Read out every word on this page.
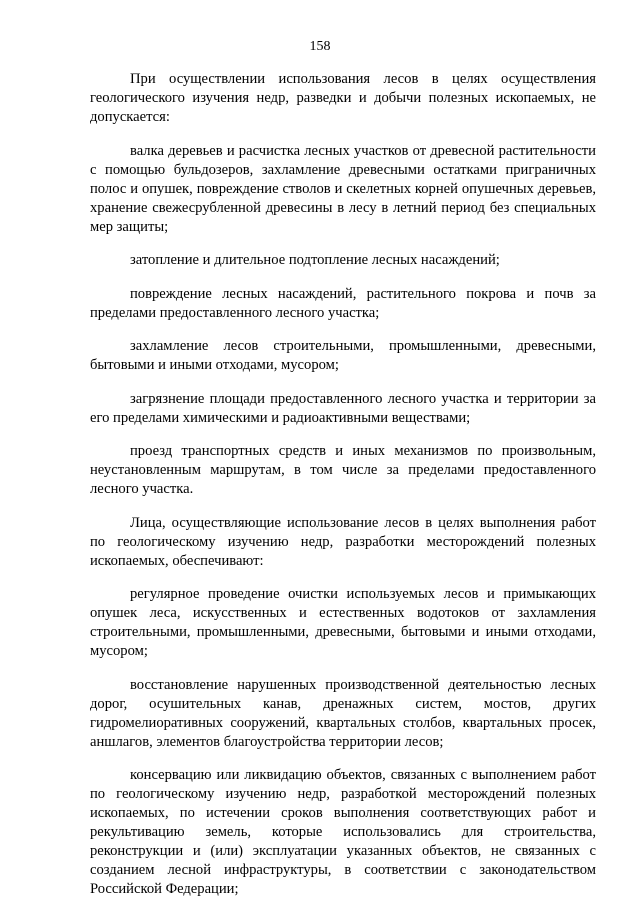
158

При осуществлении использования лесов в целях осуществления геологического изучения недр, разведки и добычи полезных ископаемых, не допускается:

валка деревьев и расчистка лесных участков от древесной растительности с помощью бульдозеров, захламление древесными остатками приграничных полос и опушек, повреждение стволов и скелетных корней опушечных деревьев, хранение свежесрубленной древесины в лесу в летний период без специальных мер защиты;

затопление и длительное подтопление лесных насаждений;

повреждение лесных насаждений, растительного покрова и почв за пределами предоставленного лесного участка;

захламление лесов строительными, промышленными, древесными, бытовыми и иными отходами, мусором;

загрязнение площади предоставленного лесного участка и территории за его пределами химическими и радиоактивными веществами;

проезд транспортных средств и иных механизмов по произвольным, неустановленным маршрутам, в том числе за пределами предоставленного лесного участка.

Лица, осуществляющие использование лесов в целях выполнения работ по геологическому изучению недр, разработки месторождений полезных ископаемых, обеспечивают:

регулярное проведение очистки используемых лесов и примыкающих опушек леса, искусственных и естественных водотоков от захламления строительными, промышленными, древесными, бытовыми и иными отходами, мусором;

восстановление нарушенных производственной деятельностью лесных дорог, осушительных канав, дренажных систем, мостов, других гидромелиоративных сооружений, квартальных столбов, квартальных просек, аншлагов, элементов благоустройства территории лесов;

консервацию или ликвидацию объектов, связанных с выполнением работ по геологическому изучению недр, разработкой месторождений полезных ископаемых, по истечении сроков выполнения соответствующих работ и рекультивацию земель, которые использовались для строительства, реконструкции и (или) эксплуатации указанных объектов, не связанных с созданием лесной инфраструктуры, в соответствии с законодательством Российской Федерации;
